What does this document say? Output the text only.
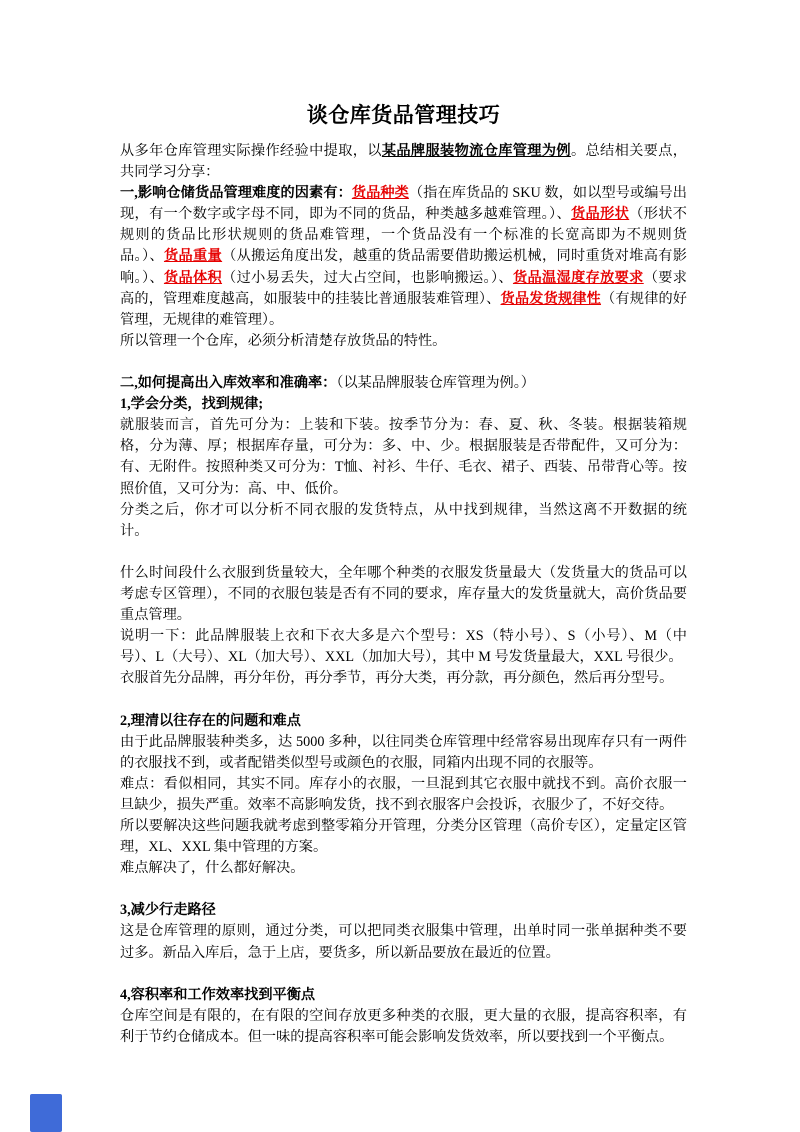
谈仓库货品管理技巧

从多年仓库管理实际操作经验中提取，以某品牌服装物流仓库管理为例。总结相关要点，共同学习分享：

一,影响仓储货品管理难度的因素有：货品种类（指在库货品的 SKU 数，如以型号或编号出现，有一个数字或字母不同，即为不同的货品，种类越多越难管理。）、货品形状（形状不规则的货品比形状规则的货品难管理，一个货品没有一个标准的长宽高即为不规则货品。）、货品重量（从搬运角度出发，越重的货品需要借助搬运机械，同时重货对堆高有影响。）、货品体积（过小易丢失，过大占空间，也影响搬运。）、货品温湿度存放要求（要求高的，管理难度越高，如服装中的挂装比普通服装难管理）、货品发货规律性（有规律的好管理，无规律的难管理）。

所以管理一个仓库，必须分析清楚存放货品的特性。

二,如何提高出入库效率和准确率：（以某品牌服装仓库管理为例。）

1,学会分类，找到规律;

就服装而言，首先可分为：上装和下装。按季节分为：春、夏、秋、冬装。根据装箱规格，分为薄、厚；根据库存量，可分为：多、中、少。根据服装是否带配件，又可分为：有、无附件。按照种类又可分为：T恤、衬衫、牛仔、毛衣、裙子、西装、吊带背心等。按照价值，又可分为：高、中、低价。

分类之后，你才可以分析不同衣服的发货特点，从中找到规律，当然这离不开数据的统计。

什么时间段什么衣服到货量较大，全年哪个种类的衣服发货量最大（发货量大的货品可以考虑专区管理），不同的衣服包装是否有不同的要求，库存量大的发货量就大，高价货品要重点管理。

说明一下：此品牌服装上衣和下衣大多是六个型号：XS（特小号）、S（小号）、M（中号）、L（大号）、XL（加大号）、XXL（加加大号），其中 M 号发货量最大，XXL 号很少。

衣服首先分品牌，再分年份，再分季节，再分大类，再分款，再分颜色，然后再分型号。

2,理清以往存在的问题和难点

由于此品牌服装种类多，达 5000 多种，以往同类仓库管理中经常容易出现库存只有一两件的衣服找不到，或者配错类似型号或颜色的衣服，同箱内出现不同的衣服等。

难点：看似相同，其实不同。库存小的衣服，一旦混到其它衣服中就找不到。高价衣服一旦缺少，损失严重。效率不高影响发货，找不到衣服客户会投诉，衣服少了，不好交待。

所以要解决这些问题我就考虑到整零箱分开管理，分类分区管理（高价专区），定量定区管理，XL、XXL 集中管理的方案。

难点解决了，什么都好解决。

3,减少行走路径

这是仓库管理的原则，通过分类，可以把同类衣服集中管理，出单时同一张单据种类不要过多。新品入库后，急于上店，要货多，所以新品要放在最近的位置。

4,容积率和工作效率找到平衡点

仓库空间是有限的，在有限的空间存放更多种类的衣服，更大量的衣服，提高容积率，有利于节约仓储成本。但一味的提高容积率可能会影响发货效率，所以要找到一个平衡点。
